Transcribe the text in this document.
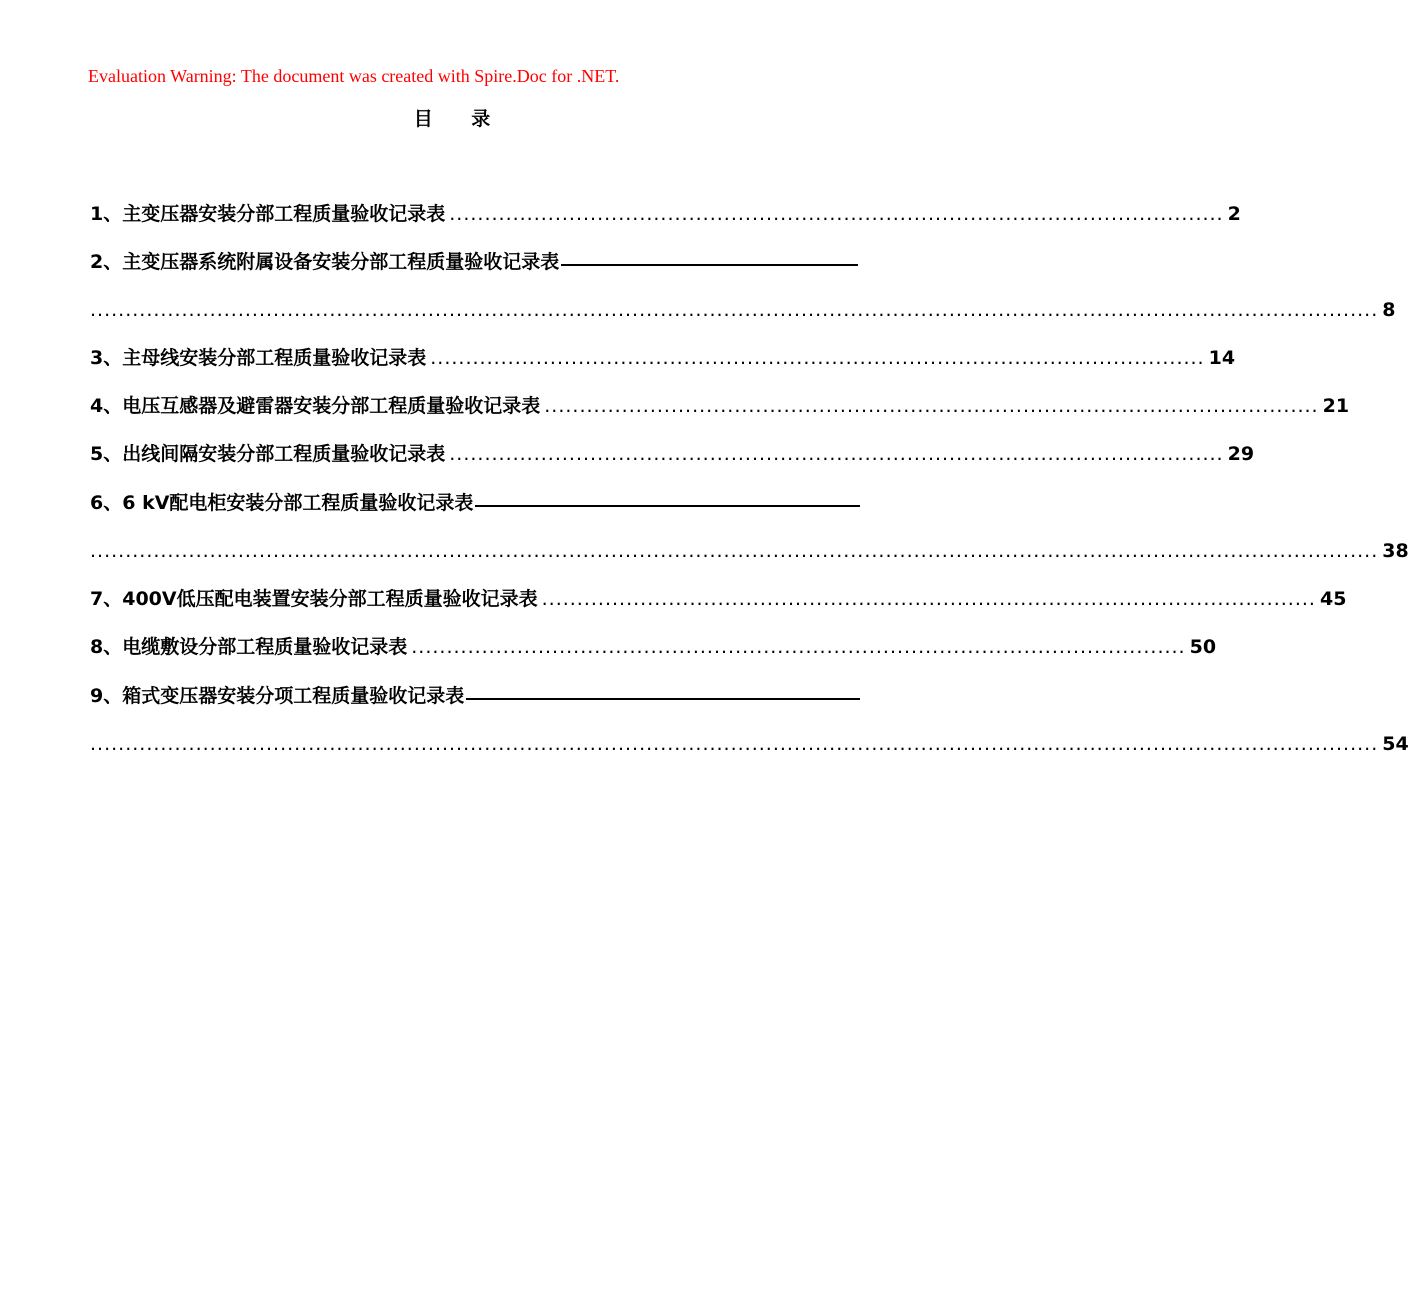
Evaluation Warning: The document was created with Spire.Doc for .NET.
目 录
1、 主变压器安装分部工程质量验收记录表 .............................................................................................................. 2
2、 主变压器系统附属设备安装分部工程质量验收记录表
....................................................................................................................................................................................... 8
3、 主母线安装分部工程质量验收记录表 .............................................................................................................. 14
4、 电压互感器及避雷器安装分部工程质量验收记录表 .............................................................................................................. 21
5、 出线间隔安装分部工程质量验收记录表 .............................................................................................................. 29
6、 6 kV配电柜安装分部工程质量验收记录表
....................................................................................................................................................................................... 38
7、 400V低压配电装置安装分部工程质量验收记录表 .............................................................................................................. 45
8、 电缆敷设分部工程质量验收记录表 .............................................................................................................. 50
9、 箱式变压器安装分项工程质量验收记录表
....................................................................................................................................................................................... 54
